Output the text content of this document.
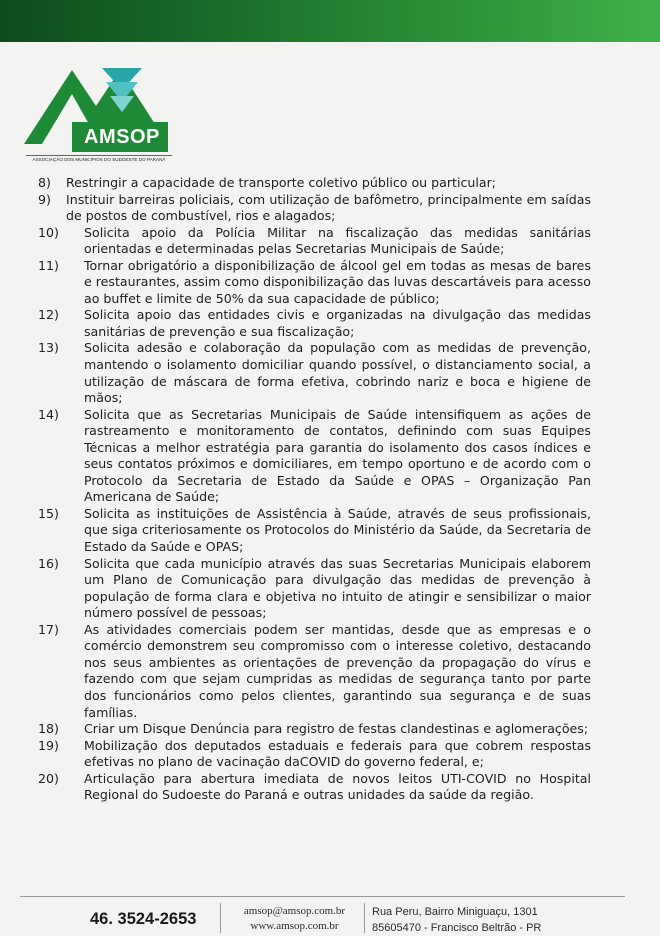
AMSOP
ASSOCIAÇÃO DOS MUNICÍPIOS DO SUDOESTE DO PARANÁ
8)	Restringir a capacidade de transporte coletivo público ou particular;
9)	Instituir barreiras policiais, com utilização de bafômetro, principalmente em saídas de postos de combustível, rios e alagados;
10)	Solicita apoio da Polícia Militar na fiscalização das medidas sanitárias orientadas e determinadas pelas Secretarias Municipais de Saúde;
11)	Tornar obrigatório a disponibilização de álcool gel em todas as mesas de bares e restaurantes, assim como disponibilização das luvas descartáveis para acesso ao buffet e limite de 50% da sua capacidade de público;
12)	Solicita apoio das entidades civis e organizadas na divulgação das medidas sanitárias de prevenção e sua fiscalização;
13)	Solicita adesão e colaboração da população com as medidas de prevenção, mantendo o isolamento domiciliar quando possível, o distanciamento social, a utilização de máscara de forma efetiva, cobrindo nariz e boca e higiene de mãos;
14)	Solicita que as Secretarias Municipais de Saúde intensifiquem as ações de rastreamento e monitoramento de contatos, definindo com suas Equipes Técnicas a melhor estratégia para garantia do isolamento dos casos índices e seus contatos próximos e domiciliares, em tempo oportuno e de acordo com o Protocolo da Secretaria de Estado da Saúde e OPAS – Organização Pan Americana de Saúde;
15)	Solicita as instituições de Assistência à Saúde, através de seus profissionais, que siga criteriosamente os Protocolos do Ministério da Saúde, da Secretaria de Estado da Saúde e OPAS;
16)	Solicita que cada município através das suas Secretarias Municipais elaborem um Plano de Comunicação para divulgação das medidas de prevenção à população de forma clara e objetiva no intuito de atingir e sensibilizar o maior número possível de pessoas;
17)	As atividades comerciais podem ser mantidas, desde que as empresas e o comércio demonstrem seu compromisso com o interesse coletivo, destacando nos seus ambientes as orientações de prevenção da propagação do vírus e fazendo com que sejam cumpridas as medidas de segurança tanto por parte dos funcionários como pelos clientes, garantindo sua segurança e de suas famílias.
18)	Criar um Disque Denúncia para registro de festas clandestinas e aglomerações;
19)	Mobilização dos deputados estaduais e federais para que cobrem respostas efetivas no plano de vacinação daCOVID do governo federal, e;
20)	Articulação para abertura imediata de novos leitos UTI-COVID no Hospital Regional do Sudoeste do Paraná e outras unidades da saúde da região.
46. 3524-2653	amsop@amsop.com.br
www.amsop.com.br
Rua Peru, Bairro Miniguaçu, 1301
85605470 - Francisco Beltrão - PR
